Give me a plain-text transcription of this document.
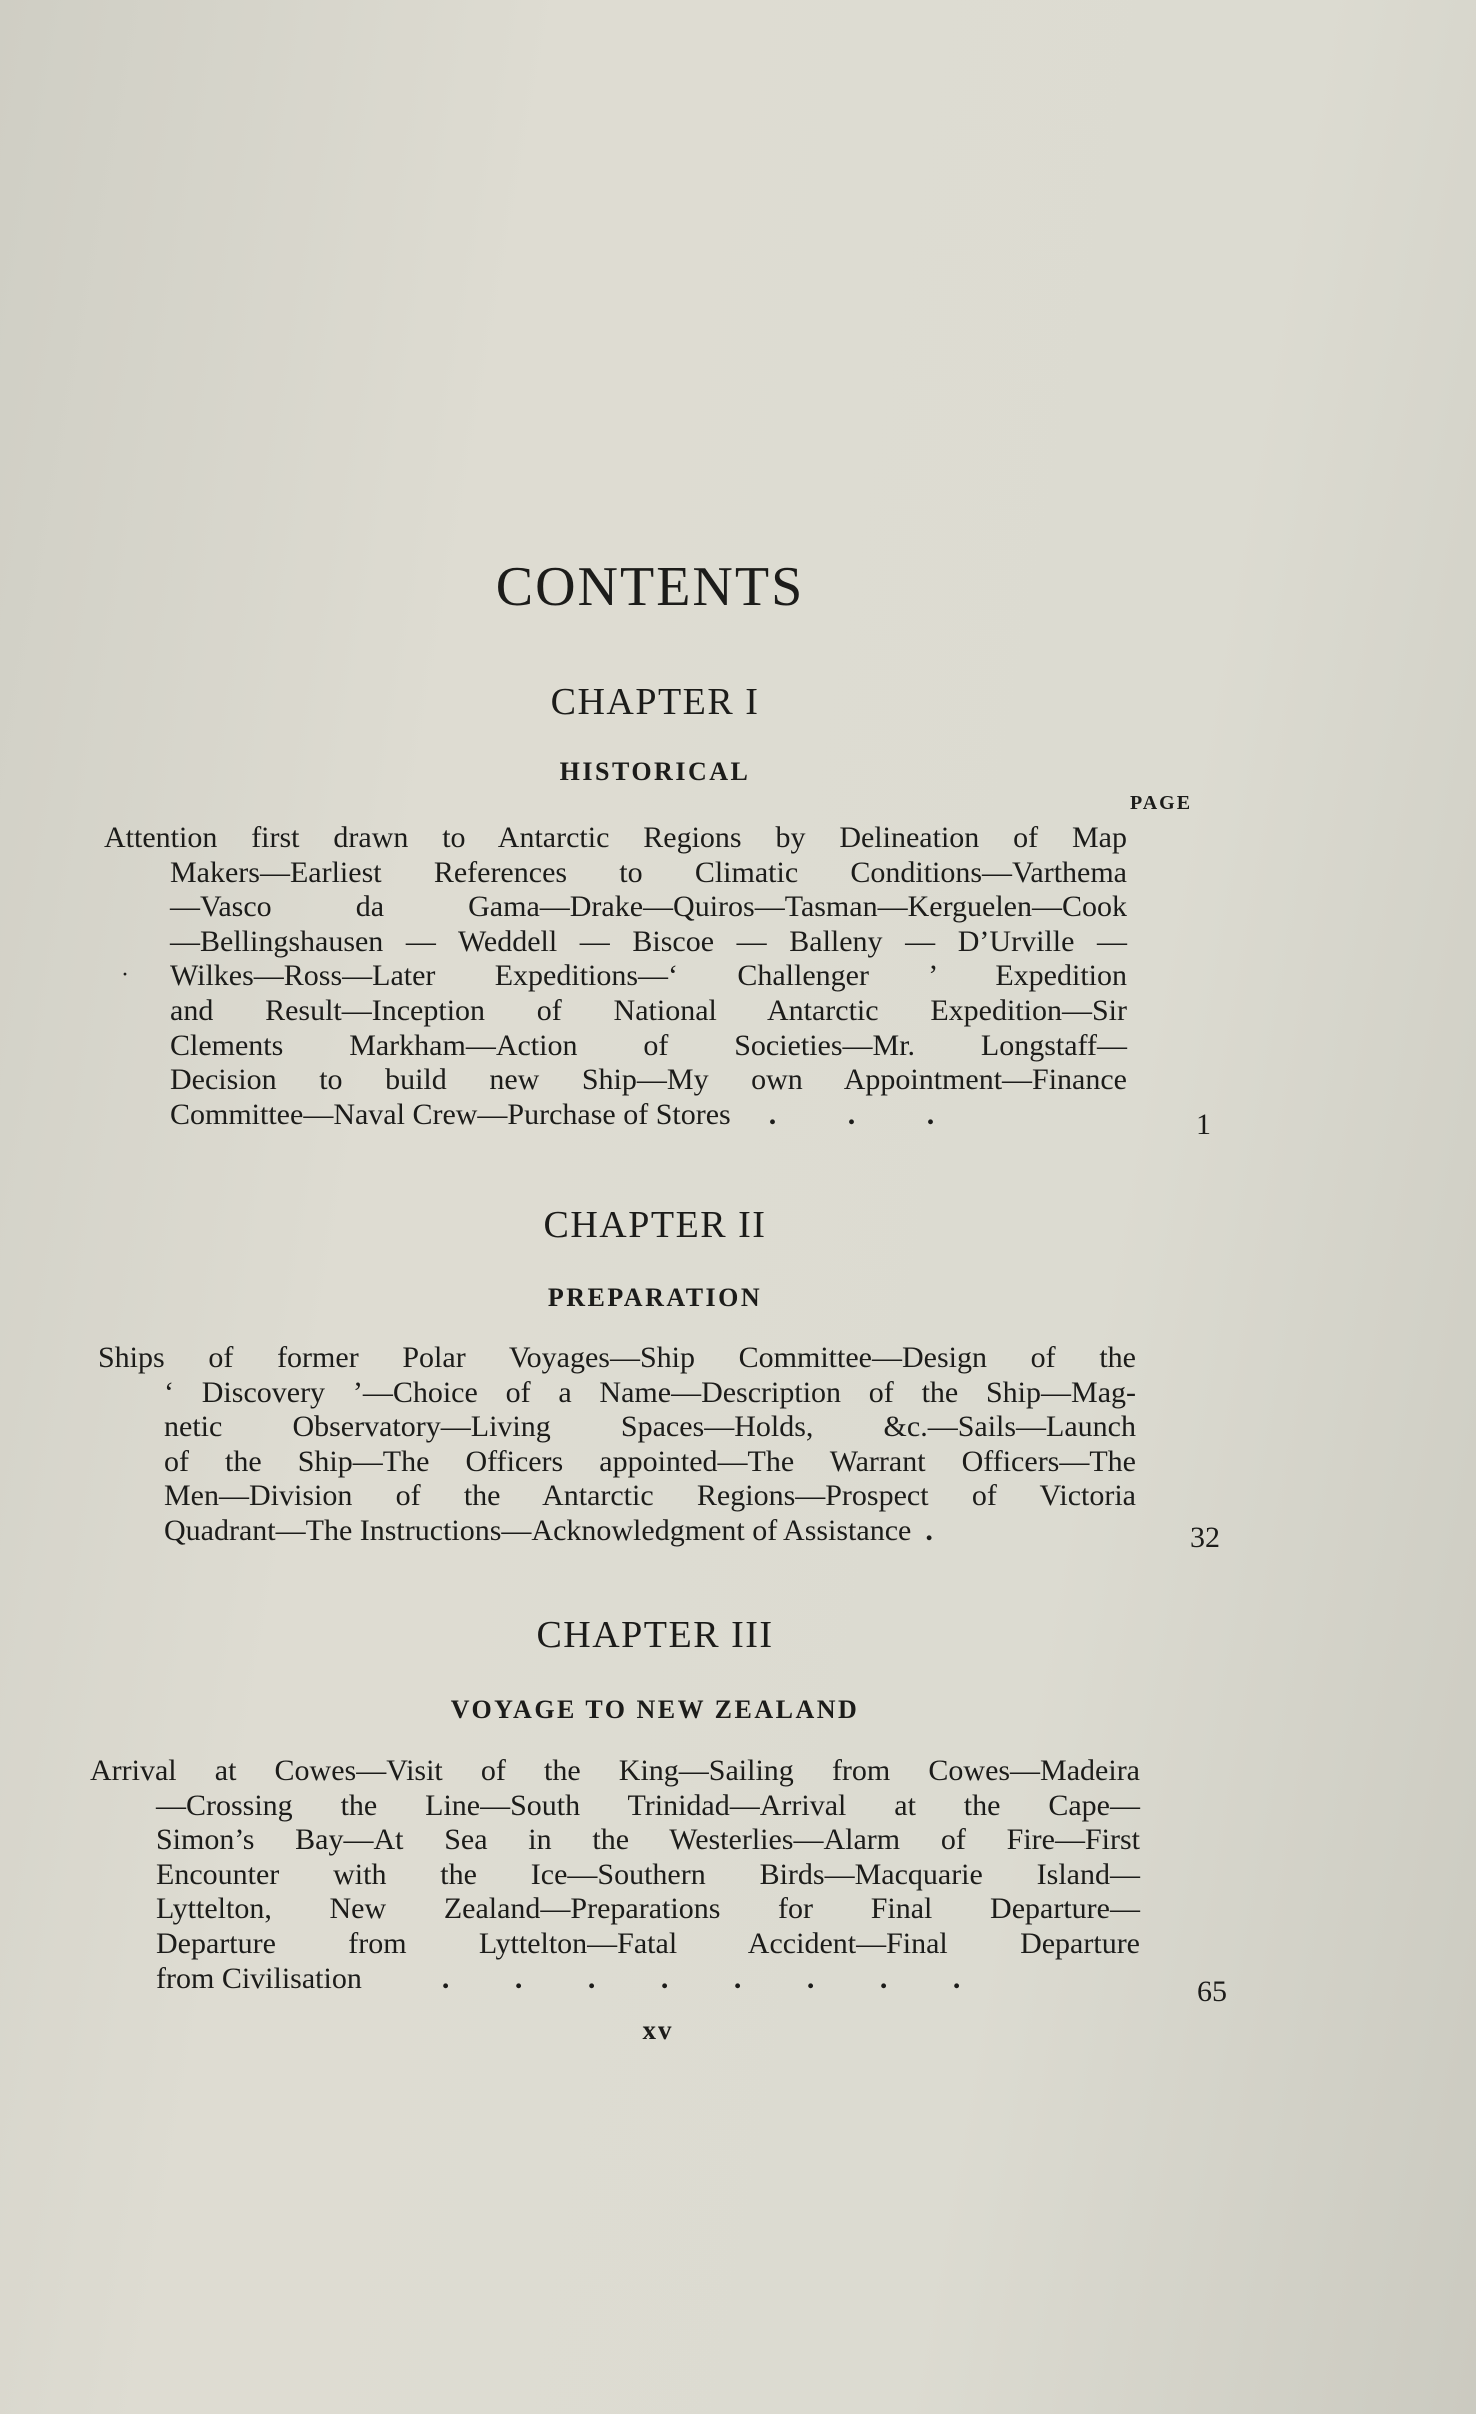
CONTENTS
CHAPTER I
HISTORICAL
PAGE
Attention first drawn to Antarctic Regions by Delineation of Map
Makers—Earliest References to Climatic Conditions—Varthema
—Vasco da Gama—Drake—Quiros—Tasman—Kerguelen—Cook
—Bellingshausen — Weddell — Biscoe — Balleny — D’Urville —
Wilkes—Ross—Later Expeditions—‘ Challenger ’ Expedition
and Result—Inception of National Antarctic Expedition—Sir
Clements Markham—Action of Societies—Mr. Longstaff—
Decision to build new Ship—My own Appointment—Finance
Committee—Naval Crew—Purchase of Stores . . .
·
1
CHAPTER II
PREPARATION
Ships of former Polar Voyages—Ship Committee—Design of the
‘ Discovery ’—Choice of a Name—Description of the Ship—Mag-
netic Observatory—Living Spaces—Holds, &c.—Sails—Launch
of the Ship—The Officers appointed—The Warrant Officers—The
Men—Division of the Antarctic Regions—Prospect of Victoria
Quadrant—The Instructions—Acknowledgment of Assistance .	32
CHAPTER III
VOYAGE TO NEW ZEALAND
Arrival at Cowes—Visit of the King—Sailing from Cowes—Madeira
—Crossing the Line—South Trinidad—Arrival at the Cape—
Simon’s Bay—At Sea in the Westerlies—Alarm of Fire—First
Encounter with the Ice—Southern Birds—Macquarie Island—
Lyttelton, New Zealand—Preparations for Final Departure—
Departure from Lyttelton—Fatal Accident—Final Departure
from Civilisation	. . . . . . . .	65
xv
